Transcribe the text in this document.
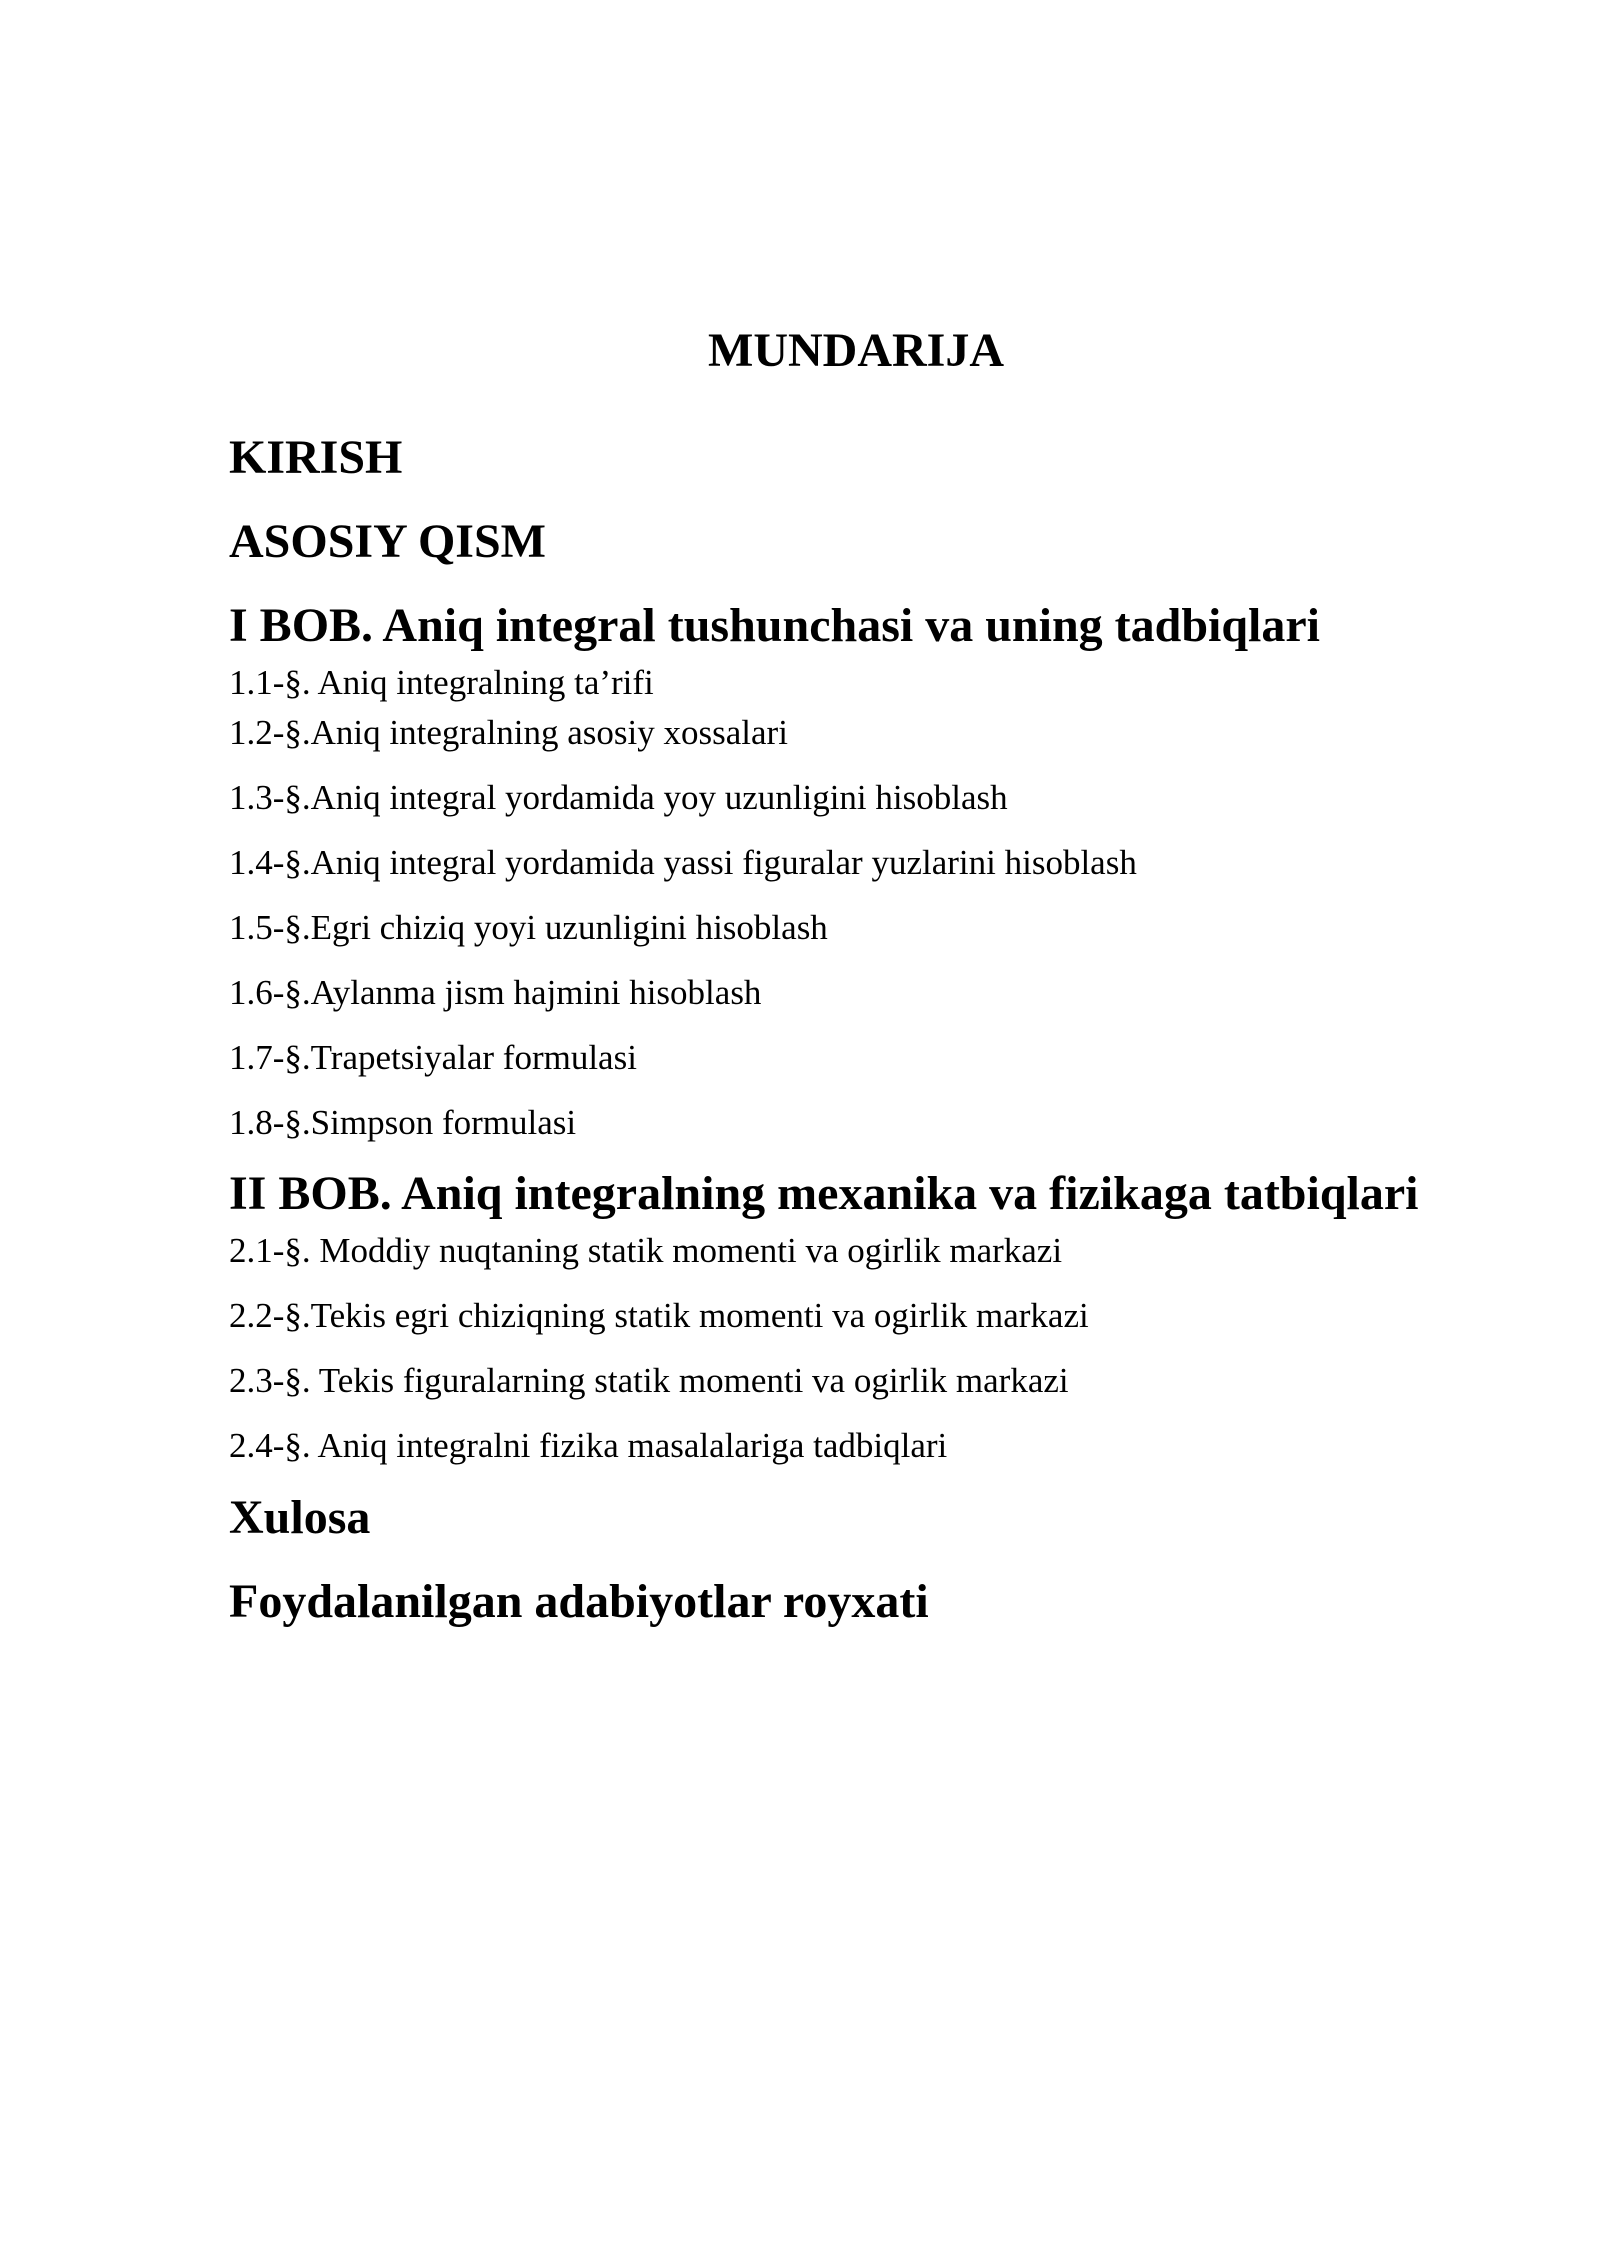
MUNDARIJA
KIRISH
ASOSIY QISM
I BOB. Aniq integral tushunchasi va uning tadbiqlari
1.1-§. Aniq integralning ta’rifi
1.2-§.Aniq integralning asosiy xossalari
1.3-§.Aniq integral yordamida yoy uzunligini hisoblash
1.4-§.Aniq integral yordamida yassi figuralar yuzlarini hisoblash
1.5-§.Egri chiziq yoyi uzunligini hisoblash
1.6-§.Aylanma jism hajmini hisoblash
1.7-§.Trapetsiyalar formulasi
1.8-§.Simpson formulasi
II BOB. Aniq integralning mexanika va fizikaga tatbiqlari
2.1-§. Moddiy nuqtaning statik momenti va ogirlik markazi
2.2-§.Tekis egri chiziqning statik momenti va ogirlik markazi
2.3-§. Tekis figuralarning statik momenti va ogirlik markazi
2.4-§. Aniq integralni fizika masalalariga tadbiqlari
Xulosa
Foydalanilgan adabiyotlar royxati
